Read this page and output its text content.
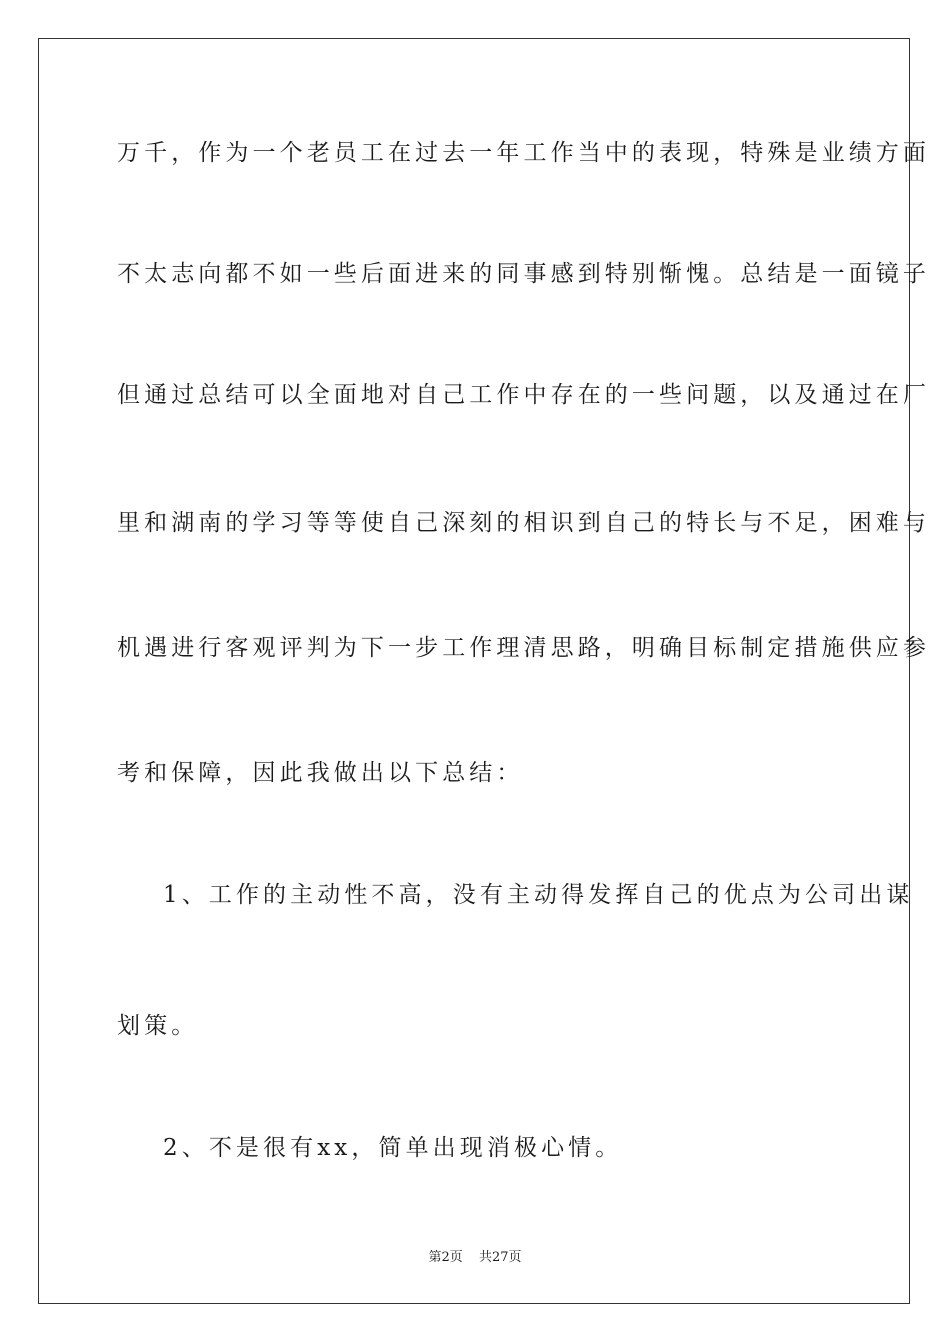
万千，作为一个老员工在过去一年工作当中的表现，特殊是业绩方面
不太志向都不如一些后面进来的同事感到特别惭愧。总结是一面镜子
但通过总结可以全面地对自己工作中存在的一些问题，以及通过在厂
里和湖南的学习等等使自己深刻的相识到自己的特长与不足，困难与
机遇进行客观评判为下一步工作理清思路，明确目标制定措施供应参
考和保障，因此我做出以下总结：
1、工作的主动性不高，没有主动得发挥自己的优点为公司出谋
划策。
2、不是很有xx，简单出现消极心情。
第2页 共27页
